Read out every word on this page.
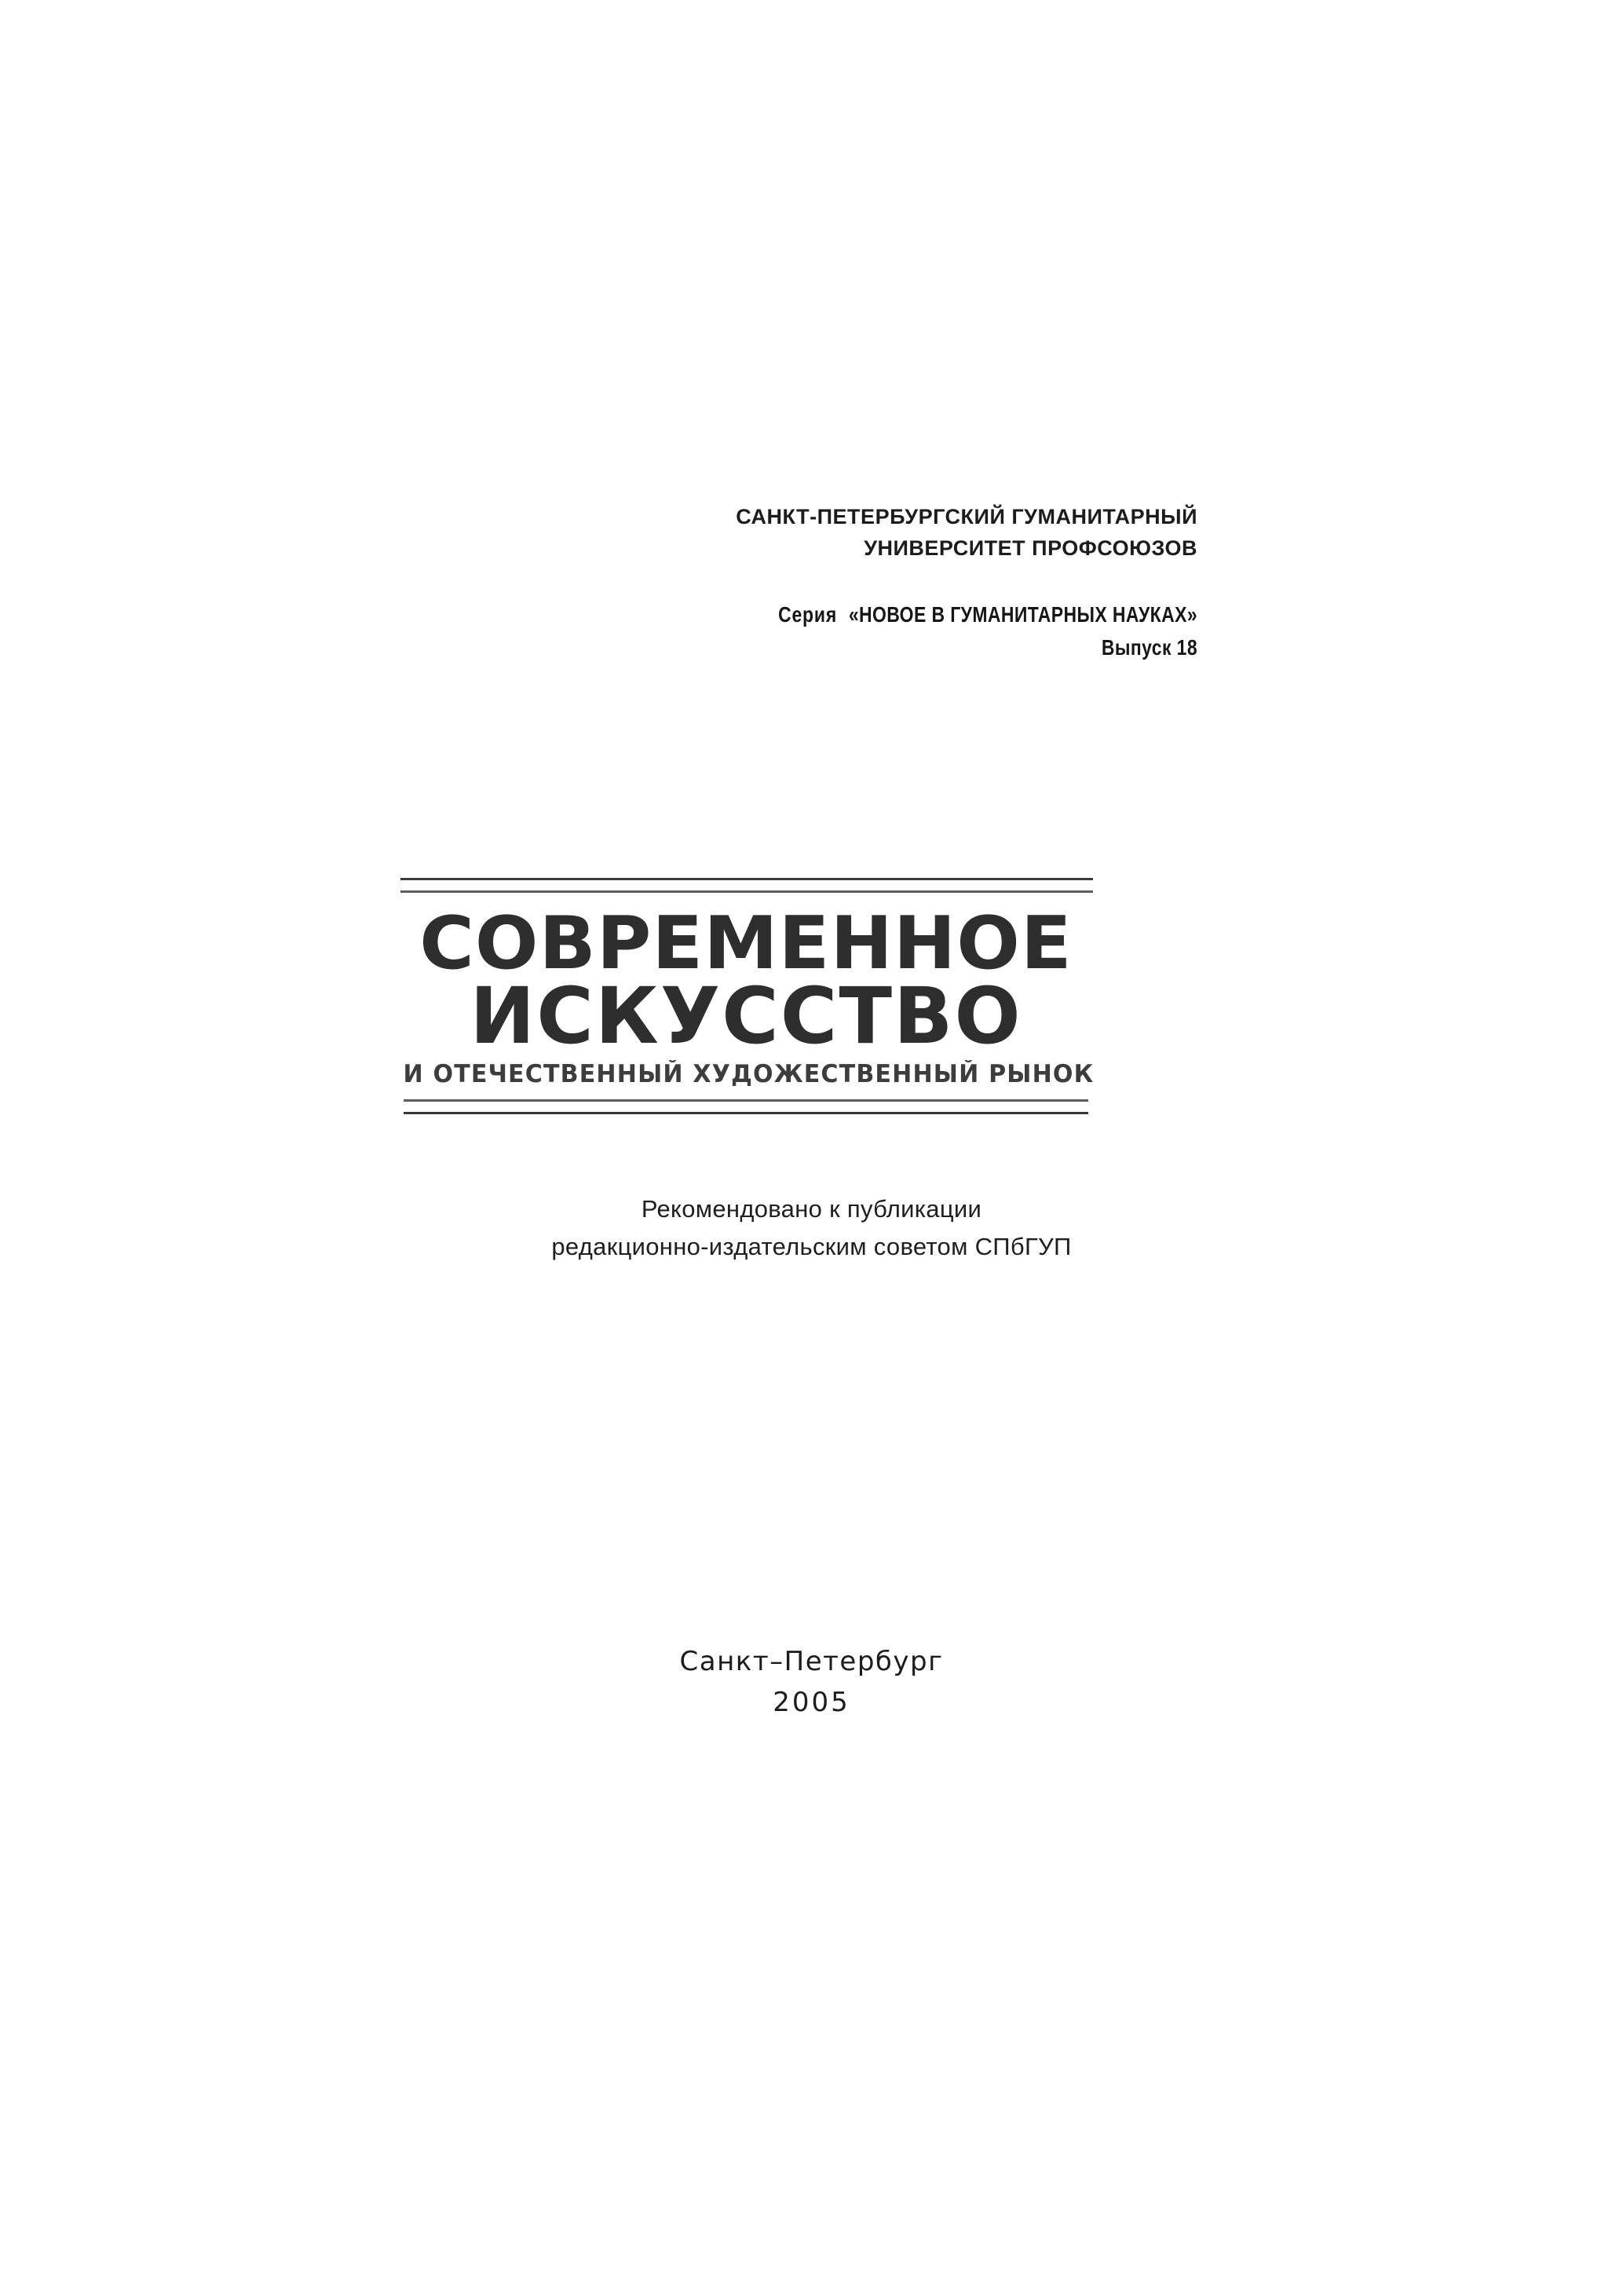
САНКТ-ПЕТЕРБУРГСКИЙ ГУМАНИТАРНЫЙ
УНИВЕРСИТЕТ ПРОФСОЮЗОВ
Серия «НОВОЕ В ГУМАНИТАРНЫХ НАУКАХ»
Выпуск 18
СОВРЕМЕННОЕ
ИСКУССТВО
И ОТЕЧЕСТВЕННЫЙ ХУДОЖЕСТВЕННЫЙ РЫНОК
Рекомендовано к публикации
редакционно-издательским советом СПбГУП
Санкт–Петербург
2005
